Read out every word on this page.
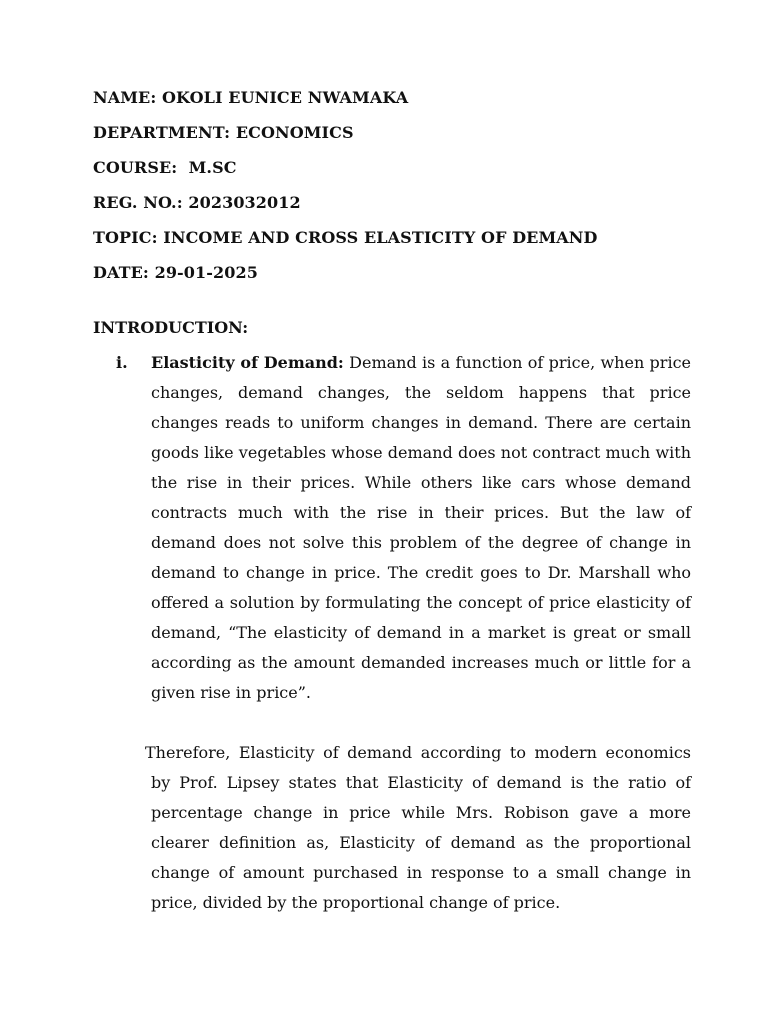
NAME: OKOLI EUNICE NWAMAKA
DEPARTMENT: ECONOMICS
COURSE:  M.SC
REG. NO.: 2023032012
TOPIC: INCOME AND CROSS ELASTICITY OF DEMAND
DATE: 29-01-2025
INTRODUCTION:
i. Elasticity of Demand: Demand is a function of price, when price changes, demand changes, the seldom happens that price changes reads to uniform changes in demand. There are certain goods like vegetables whose demand does not contract much with the rise in their prices. While others like cars whose demand contracts much with the rise in their prices. But the law of demand does not solve this problem of the degree of change in demand to change in price. The credit goes to Dr. Marshall who offered a solution by formulating the concept of price elasticity of demand, “The elasticity of demand in a market is great or small according as the amount demanded increases much or little for a given rise in price”.

Therefore, Elasticity of demand according to modern economics by Prof. Lipsey states that Elasticity of demand is the ratio of percentage change in price while Mrs. Robison gave a more clearer definition as, Elasticity of demand as the proportional change of amount purchased in response to a small change in price, divided by the proportional change of price.
